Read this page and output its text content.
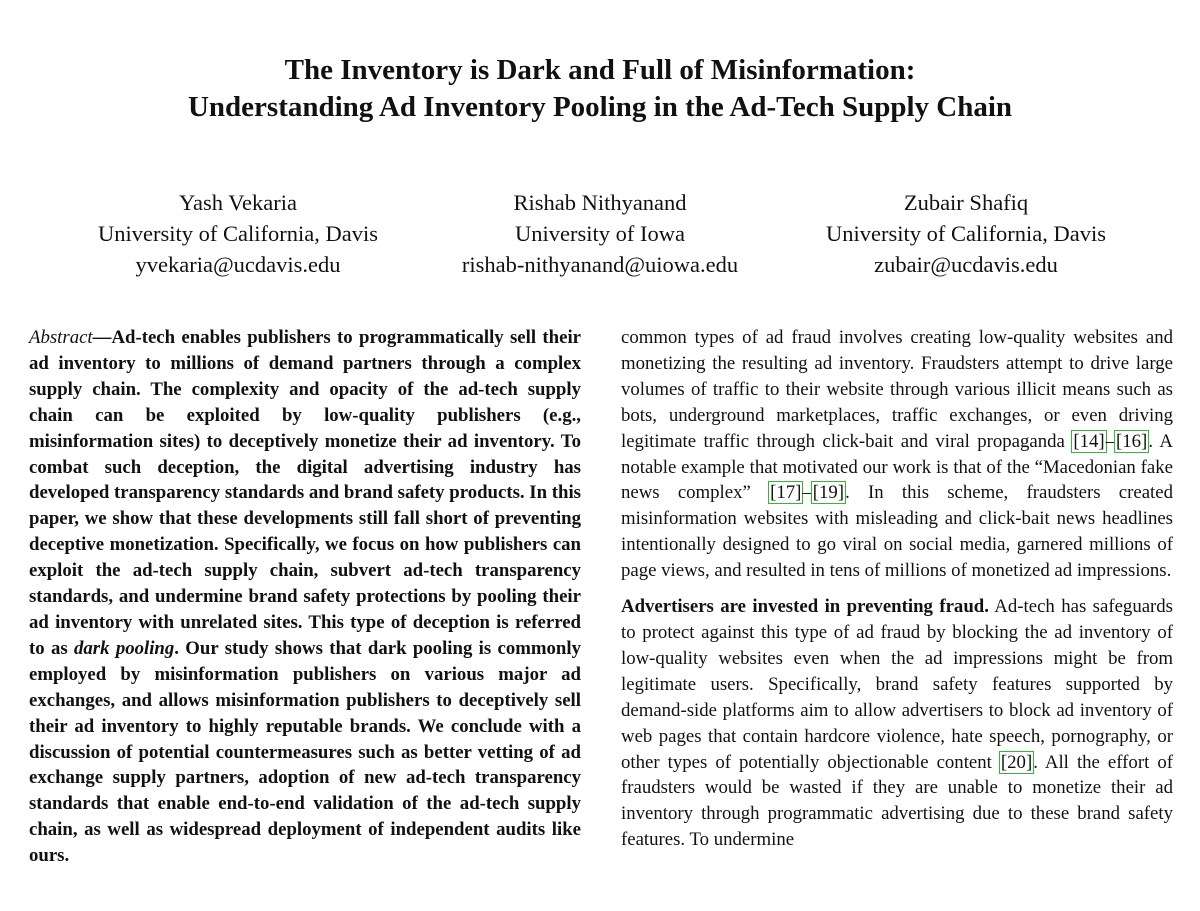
The Inventory is Dark and Full of Misinformation:
Understanding Ad Inventory Pooling in the Ad-Tech Supply Chain
Yash Vekaria
University of California, Davis
yvekaria@ucdavis.edu
Rishab Nithyanand
University of Iowa
rishab-nithyanand@uiowa.edu
Zubair Shafiq
University of California, Davis
zubair@ucdavis.edu

Abstract—Ad-tech enables publishers to programmatically sell their ad inventory to millions of demand partners through a complex supply chain. The complexity and opacity of the ad-tech supply chain can be exploited by low-quality publishers (e.g., misinformation sites) to deceptively monetize their ad inventory. To combat such deception, the digital advertising industry has developed transparency standards and brand safety products. In this paper, we show that these developments still fall short of preventing deceptive monetization. Specifically, we focus on how publishers can exploit the ad-tech supply chain, subvert ad-tech transparency standards, and undermine brand safety protections by pooling their ad inventory with unrelated sites. This type of deception is referred to as dark pooling. Our study shows that dark pooling is commonly employed by misinformation publishers on various major ad exchanges, and allows misinformation publishers to deceptively sell their ad inventory to highly reputable brands. We conclude with a discussion of potential countermeasures such as better vetting of ad exchange supply partners, adoption of new ad-tech transparency standards that enable end-to-end validation of the ad-tech supply chain, as well as widespread deployment of independent audits like ours.

common types of ad fraud involves creating low-quality websites and monetizing the resulting ad inventory. Fraudsters attempt to drive large volumes of traffic to their website through various illicit means such as bots, underground marketplaces, traffic exchanges, or even driving legitimate traffic through click-bait and viral propaganda [14]–[16]. A notable example that motivated our work is that of the “Macedonian fake news complex” [17]–[19]. In this scheme, fraudsters created misinformation websites with misleading and click-bait news headlines intentionally designed to go viral on social media, garnered millions of page views, and resulted in tens of millions of monetized ad impressions.

Advertisers are invested in preventing fraud. Ad-tech has safeguards to protect against this type of ad fraud by blocking the ad inventory of low-quality websites even when the ad impressions might be from legitimate users. Specifically, brand safety features supported by demand-side platforms aim to allow advertisers to block ad inventory of web pages that contain hardcore violence, hate speech, pornography, or other types of potentially objectionable content [20]. All the effort of fraudsters would be wasted if they are unable to monetize their ad inventory through programmatic advertising due to these brand safety features. To undermine
